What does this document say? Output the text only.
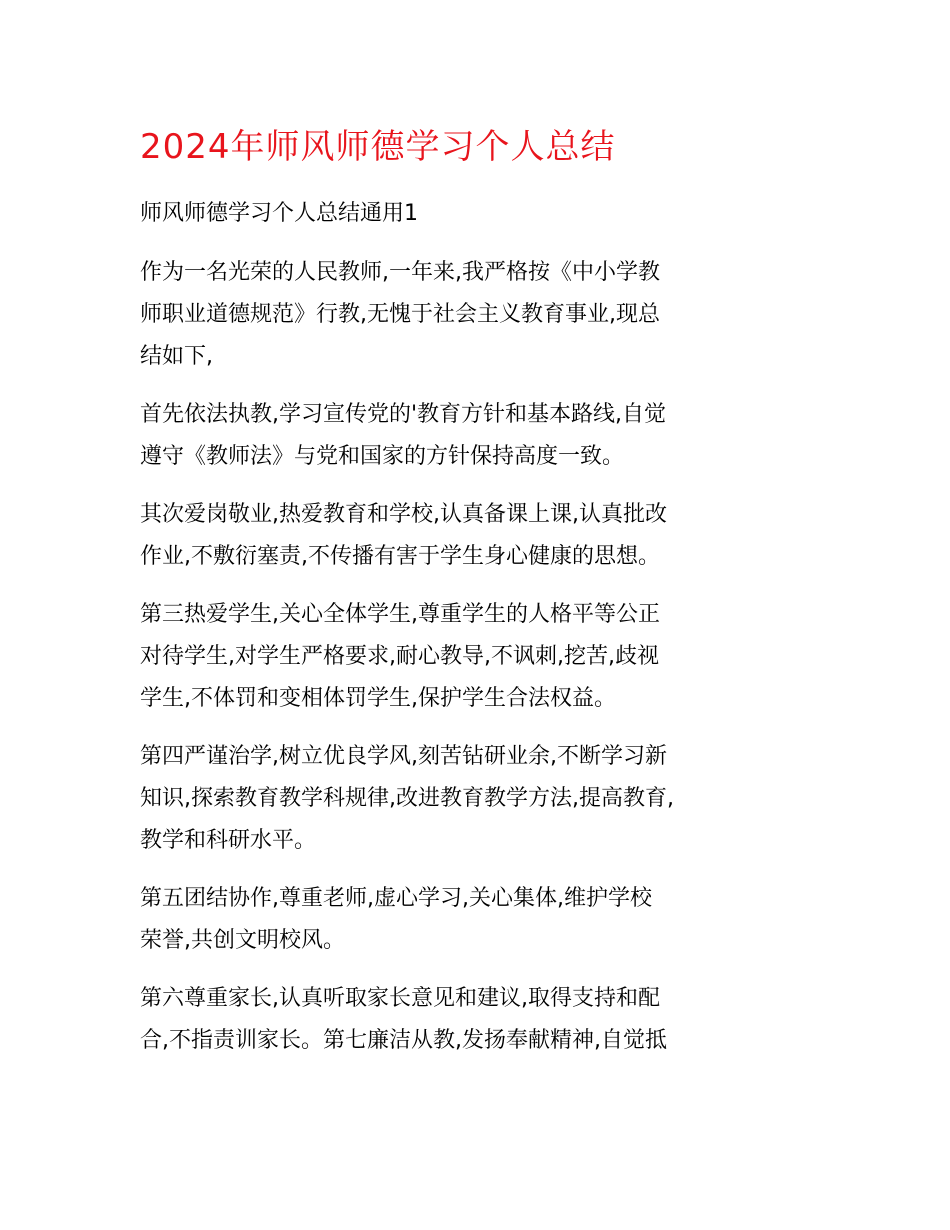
2024年师风师德学习个人总结
师风师德学习个人总结通用1

作为一名光荣的人民教师,一年来,我严格按《中小学教
师职业道德规范》行教,无愧于社会主义教育事业,现总
结如下,

首先依法执教,学习宣传党的'教育方针和基本路线,自觉
遵守《教师法》与党和国家的方针保持高度一致。

其次爱岗敬业,热爱教育和学校,认真备课上课,认真批改
作业,不敷衍塞责,不传播有害于学生身心健康的思想。

第三热爱学生,关心全体学生,尊重学生的人格平等公正
对待学生,对学生严格要求,耐心教导,不讽刺,挖苦,歧视
学生,不体罚和变相体罚学生,保护学生合法权益。

第四严谨治学,树立优良学风,刻苦钻研业余,不断学习新
知识,探索教育教学科规律,改进教育教学方法,提高教育,
教学和科研水平。

第五团结协作,尊重老师,虚心学习,关心集体,维护学校
荣誉,共创文明校风。

第六尊重家长,认真听取家长意见和建议,取得支持和配
合,不指责训家长。第七廉洁从教,发扬奉献精神,自觉抵
